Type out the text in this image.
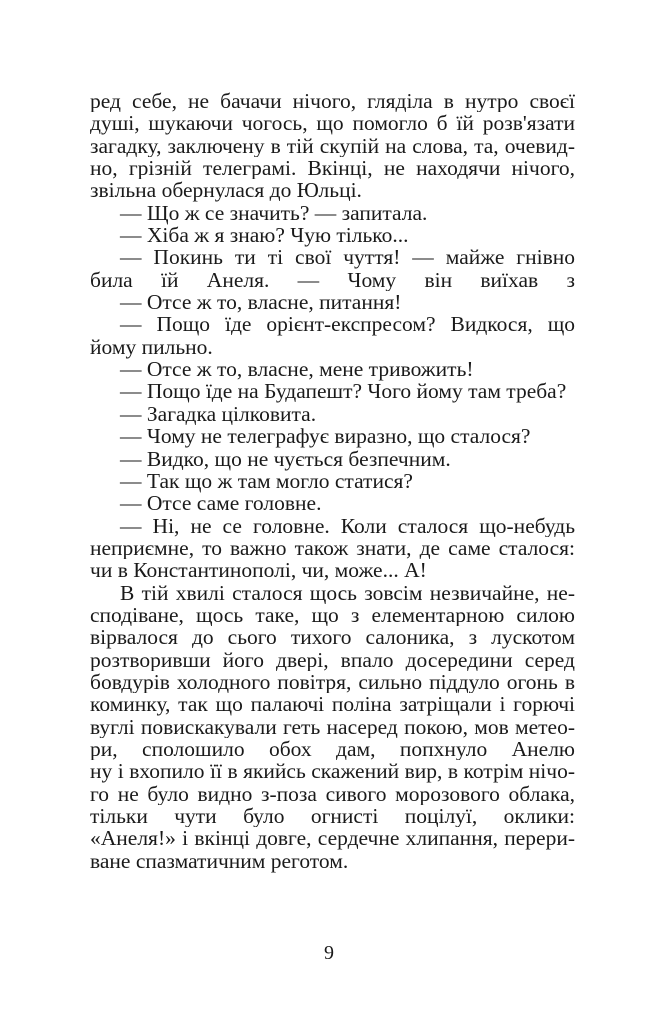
ред себе, не бачачи нічого, гляділа в нутро своєї
душі, шукаючи чогось, що помогло б їй розв'язати
загадку, заключену в тій скупій на слова, та, очевид-
но, грізній телеграмі. Вкінці, не находячи нічого,
звільна обернулася до Юльці.
— Що ж се значить? — запитала.
— Хіба ж я знаю? Чую тілько...
— Покинь ти ті свої чуття! — майже гнівно
била їй Анеля. — Чому він виїхав з
— Отсе ж то, власне, питання!
— Пощо їде орієнт-експресом? Видкося, що
йому пильно.
— Отсе ж то, власне, мене тривожить!
— Пощо їде на Будапешт? Чого йому там треба?
— Загадка цілковита.
— Чому не телеграфує виразно, що сталося?
— Видко, що не чується безпечним.
— Так що ж там могло статися?
— Отсе саме головне.
— Ні, не се головне. Коли сталося що-небудь
неприємне, то важно також знати, де саме сталося:
чи в Константинополі, чи, може... А!
В тій хвилі сталося щось зовсім незвичайне, не-
сподіване, щось таке, що з елементарною силою
вірвалося до сього тихого салоника, з лускотом
розтворивши його двері, впало досередини серед
бовдурів холодного повітря, сильно піддуло огонь в
коминку, так що палаючі поліна затріщали і горючі
вуглі повискакували геть насеред покою, мов метео-
ри, сполошило обох дам, попхнуло Анелю
ну і вхопило її в якийсь скажений вир, в котрім нічо-
го не було видно з-поза сивого морозового облака,
тільки чути було огнисті поцілуї, оклики:
«Анеля!» і вкінці довге, сердечне хлипання, перери-
ване спазматичним реготом.
9
